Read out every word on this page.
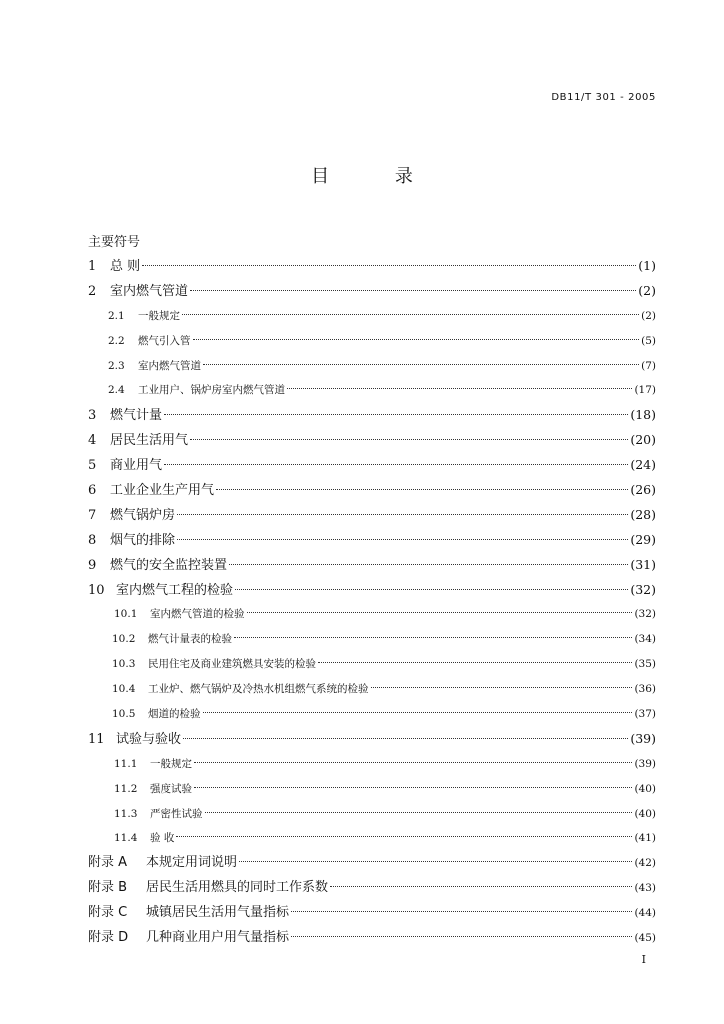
DB11/T 301 - 2005
目 录
主要符号
1	总 则	(1)
2	室内燃气管道	(2)
2.1	一般规定	(2)
2.2	燃气引入管	(5)
2.3	室内燃气管道	(7)
2.4	工业用户、锅炉房室内燃气管道	(17)
3	燃气计量	(18)
4	居民生活用气	(20)
5	商业用气	(24)
6	工业企业生产用气	(26)
7	燃气锅炉房	(28)
8	烟气的排除	(29)
9	燃气的安全监控装置	(31)
10 室内燃气工程的检验	(32)
10.1	室内燃气管道的检验	(32)
10.2	燃气计量表的检验	(34)
10.3	民用住宅及商业建筑燃具安装的检验	(35)
10.4	工业炉、燃气锅炉及冷热水机组燃气系统的检验	(36)
10.5	烟道的检验	(37)
11 试验与验收	(39)
11.1	一般规定	(39)
11.2	强度试验	(40)
11.3	严密性试验	(40)
11.4	验 收	(41)
附录 A	本规定用词说明	(42)
附录 B	居民生活用燃具的同时工作系数	(43)
附录 C	城镇居民生活用气量指标	(44)
附录 D	几种商业用户用气量指标	(45)
I
